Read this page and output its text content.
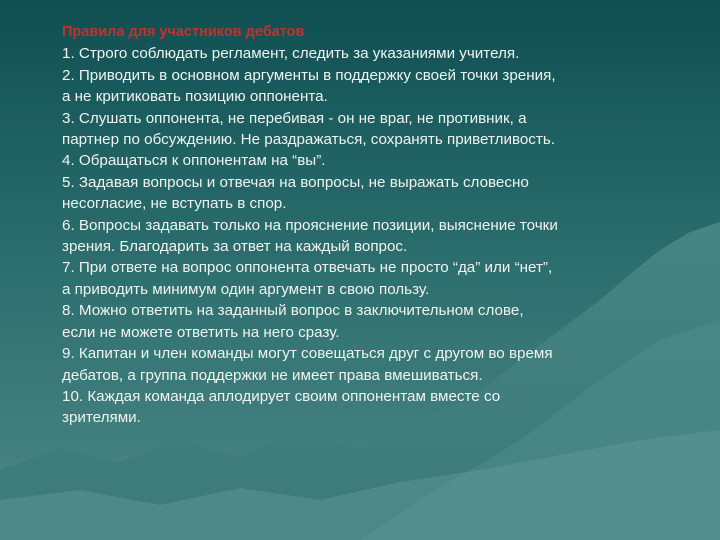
Правила для участников дебатов
1. Строго соблюдать регламент, следить за указаниями учителя.
2. Приводить в основном аргументы в поддержку своей точки зрения,
а не критиковать позицию оппонента.
3. Слушать оппонента, не перебивая - он не враг, не противник, а
партнер по обсуждению. Не раздражаться, сохранять приветливость.
4. Обращаться к оппонентам на “вы”.
5. Задавая вопросы и отвечая на вопросы, не выражать словесно
несогласие, не вступать в спор.
6. Вопросы задавать только на прояснение позиции, выяснение точки
зрения. Благодарить за ответ на каждый вопрос.
7. При ответе на вопрос оппонента отвечать не просто “да” или “нет”,
а приводить минимум один аргумент в свою пользу.
8. Можно ответить на заданный вопрос в заключительном слове,
если не можете ответить на него сразу.
9. Капитан и член команды могут совещаться друг с другом во время
дебатов, а группа поддержки не имеет права вмешиваться.
10. Каждая команда аплодирует своим оппонентам вместе со
зрителями.
